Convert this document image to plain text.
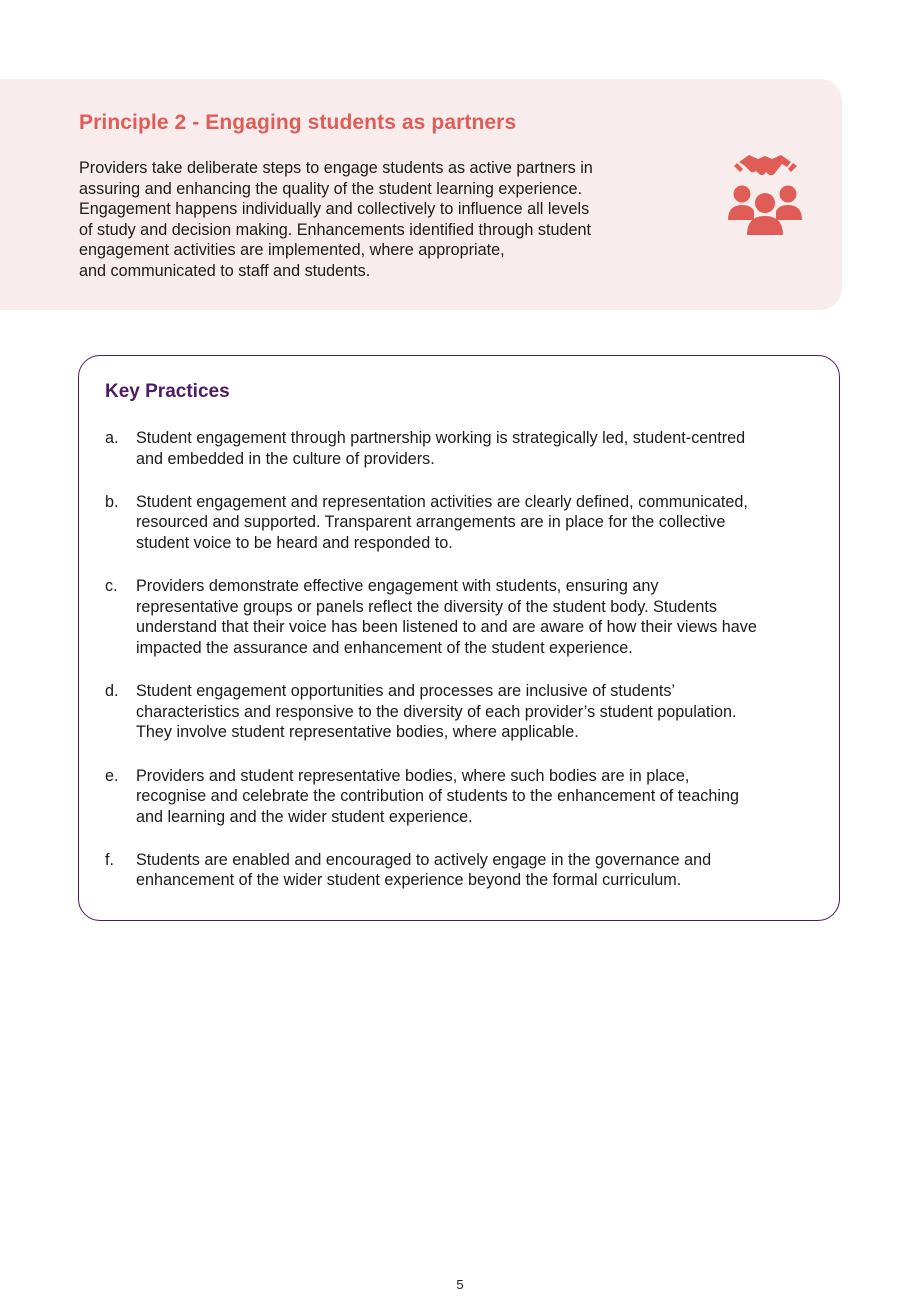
Principle 2 - Engaging students as partners

Providers take deliberate steps to engage students as active partners in
assuring and enhancing the quality of the student learning experience.
Engagement happens individually and collectively to influence all levels
of study and decision making. Enhancements identified through student
engagement activities are implemented, where appropriate,
and communicated to staff and students.

Key Practices
a. Student engagement through partnership working is strategically led, student-centred
and embedded in the culture of providers.
b. Student engagement and representation activities are clearly defined, communicated,
resourced and supported. Transparent arrangements are in place for the collective
student voice to be heard and responded to.
c. Providers demonstrate effective engagement with students, ensuring any
representative groups or panels reflect the diversity of the student body. Students
understand that their voice has been listened to and are aware of how their views have
impacted the assurance and enhancement of the student experience.
d. Student engagement opportunities and processes are inclusive of students’
characteristics and responsive to the diversity of each provider’s student population.
They involve student representative bodies, where applicable.
e. Providers and student representative bodies, where such bodies are in place,
recognise and celebrate the contribution of students to the enhancement of teaching
and learning and the wider student experience.
f. Students are enabled and encouraged to actively engage in the governance and
enhancement of the wider student experience beyond the formal curriculum.
5
